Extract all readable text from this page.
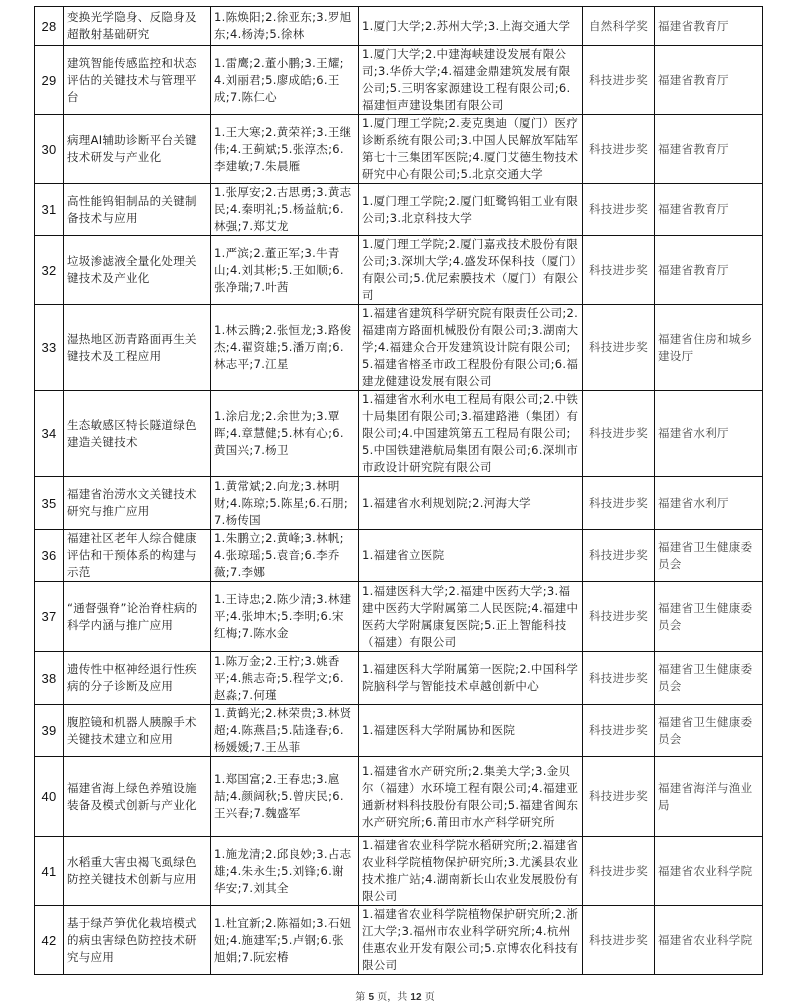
28	变换光学隐身、反隐身及超散射基础研究	1.陈焕阳;2.徐亚东;3.罗旭东;4.杨涛;5.徐林	1.厦门大学;2.苏州大学;3.上海交通大学	自然科学奖	福建省教育厅
29	建筑智能传感监控和状态评估的关键技术与管理平台	1.雷鹰;2.董小鹏;3.王耀;4.刘丽君;5.廖成皓;6.王成;7.陈仁心	1.厦门大学;2.中建海峡建设发展有限公司;3.华侨大学;4.福建金鼎建筑发展有限公司;5.三明客家源建设工程有限公司;6.福建恒声建设集团有限公司	科技进步奖	福建省教育厅
30	病理AI辅助诊断平台关键技术研发与产业化	1.王大寒;2.黄荣祥;3.王继伟;4.王蓟斌;5.张淳杰;6.李建敏;7.朱晨雁	1.厦门理工学院;2.麦克奥迪（厦门）医疗诊断系统有限公司;3.中国人民解放军陆军第七十三集团军医院;4.厦门艾德生物技术研究中心有限公司;5.北京交通大学	科技进步奖	福建省教育厅
31	高性能钨钼制品的关键制备技术与应用	1.张厚安;2.古思勇;3.黄志民;4.秦明礼;5.杨益航;6.林强;7.郑艾龙	1.厦门理工学院;2.厦门虹鹭钨钼工业有限公司;3.北京科技大学	科技进步奖	福建省教育厅
32	垃圾渗滤液全量化处理关键技术及产业化	1.严滨;2.董正军;3.牛青山;4.刘其彬;5.王如顺;6.张净瑞;7.叶茜	1.厦门理工学院;2.厦门嘉戎技术股份有限公司;3.深圳大学;4.盛发环保科技（厦门）有限公司;5.优尼索膜技术（厦门）有限公司	科技进步奖	福建省教育厅
33	湿热地区沥青路面再生关键技术及工程应用	1.林云腾;2.张恒龙;3.路俊杰;4.翟资雄;5.潘万南;6.林志平;7.江星	1.福建省建筑科学研究院有限责任公司;2.福建南方路面机械股份有限公司;3.湖南大学;4.福建众合开发建筑设计院有限公司;5.福建省榕圣市政工程股份有限公司;6.福建龙健建设发展有限公司	科技进步奖	福建省住房和城乡建设厅
34	生态敏感区特长隧道绿色建造关键技术	1.涂启龙;2.余世为;3.覃晖;4.章慧健;5.林有心;6.黄国兴;7.杨卫	1.福建省水利水电工程局有限公司;2.中铁十局集团有限公司;3.福建路港（集团）有限公司;4.中国建筑第五工程局有限公司;5.中国铁建港航局集团有限公司;6.深圳市市政设计研究院有限公司	科技进步奖	福建省水利厅
35	福建省治涝水文关键技术研究与推广应用	1.黄常斌;2.向龙;3.林明财;4.陈琼;5.陈星;6.石朋;7.杨传国	1.福建省水利规划院;2.河海大学	科技进步奖	福建省水利厅
36	福建社区老年人综合健康评估和干预体系的构建与示范	1.朱鹏立;2.黄峰;3.林帆;4.张琼瑶;5.袁音;6.李乔薇;7.李娜	1.福建省立医院	科技进步奖	福建省卫生健康委员会
37	“通督强脊”论治脊柱病的科学内涵与推广应用	1.王诗忠;2.陈少清;3.林建平;4.张坤木;5.李明;6.宋红梅;7.陈水金	1.福建医科大学;2.福建中医药大学;3.福建中医药大学附属第二人民医院;4.福建中医药大学附属康复医院;5.正上智能科技（福建）有限公司	科技进步奖	福建省卫生健康委员会
38	遗传性中枢神经退行性疾病的分子诊断及应用	1.陈万金;2.王柠;3.姚香平;4.熊志奇;5.程学文;6.赵淼;7.何瑾	1.福建医科大学附属第一医院;2.中国科学院脑科学与智能技术卓越创新中心	科技进步奖	福建省卫生健康委员会
39	腹腔镜和机器人胰腺手术关键技术建立和应用	1.黄鹤光;2.林荣贵;3.林贤超;4.陈燕昌;5.陆逢春;6.杨媛媛;7.王丛菲	1.福建医科大学附属协和医院	科技进步奖	福建省卫生健康委员会
40	福建省海上绿色养殖设施装备及模式创新与产业化	1.郑国富;2.王春忠;3.扈喆;4.颜阔秋;5.曾庆民;6.王兴春;7.魏盛军	1.福建省水产研究所;2.集美大学;3.金贝尔（福建）水环境工程有限公司;4.福建亚通新材料科技股份有限公司;5.福建省闽东水产研究所;6.莆田市水产科学研究所	科技进步奖	福建省海洋与渔业局
41	水稻重大害虫褐飞虱绿色防控关键技术创新与应用	1.施龙清;2.邱良妙;3.占志雄;4.朱永生;5.刘锋;6.谢华安;7.刘其全	1.福建省农业科学院水稻研究所;2.福建省农业科学院植物保护研究所;3.尤溪县农业技术推广站;4.湖南新长山农业发展股份有限公司	科技进步奖	福建省农业科学院
42	基于绿芦笋优化栽培模式的病虫害绿色防控技术研究与应用	1.杜宜新;2.陈福如;3.石妞妞;4.施建军;5.卢钢;6.张旭娟;7.阮宏椿	1.福建省农业科学院植物保护研究所;2.浙江大学;3.福州市农业科学研究所;4.杭州佳惠农业开发有限公司;5.京博农化科技有限公司	科技进步奖	福建省农业科学院
第 5 页，共 12 页
